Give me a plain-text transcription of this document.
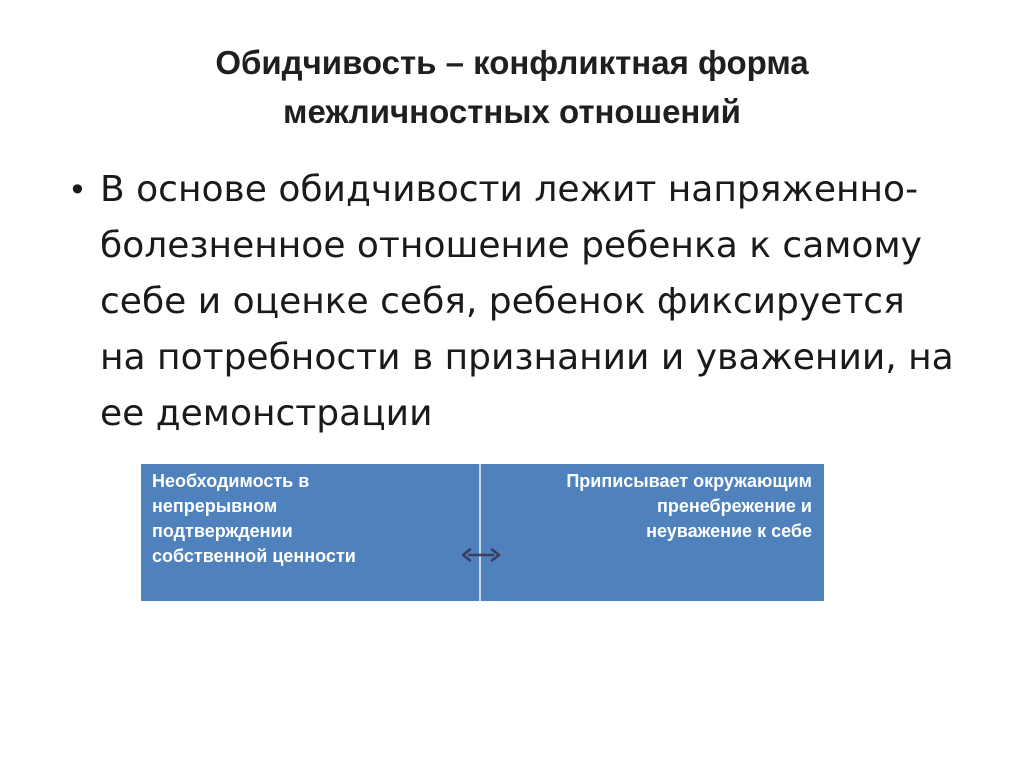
Обидчивость – конфликтная форма
межличностных отношений
• В основе обидчивости лежит напряженно-
болезненное отношение ребенка к самому
себе и оценке себя, ребенок фиксируется
на потребности в признании и уважении, на
ее демонстрации
Необходимость в
непрерывном
подтверждении
собственной ценности
Приписывает окружающим
пренебрежение и
неуважение к себе
